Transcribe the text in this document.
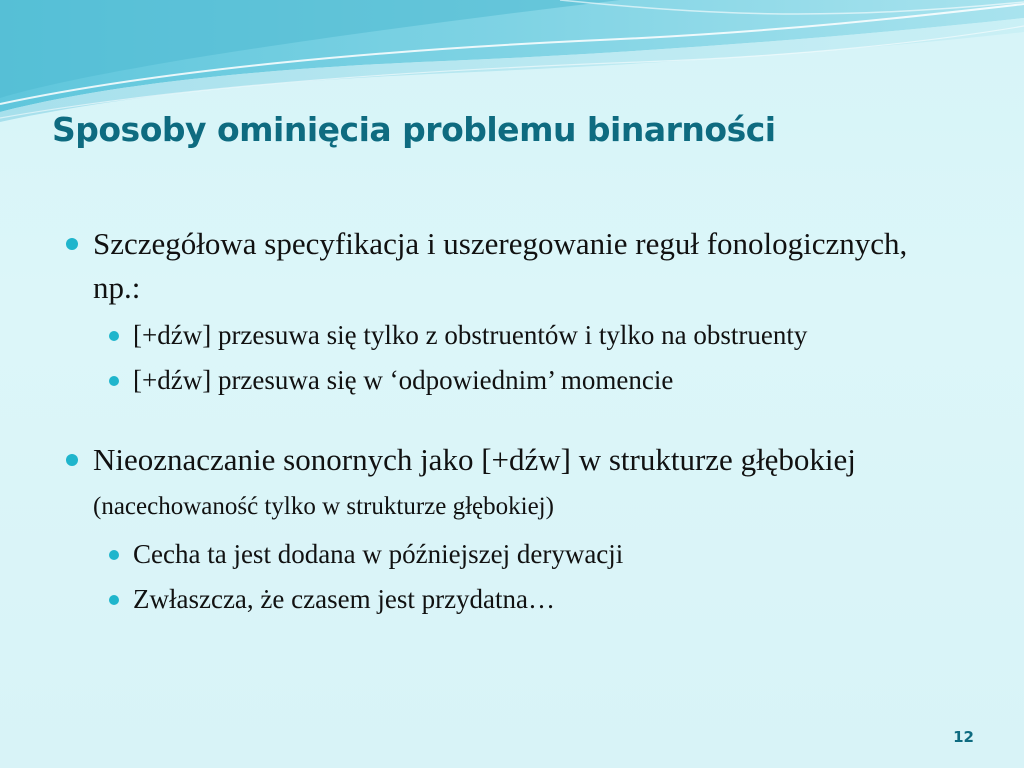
Sposoby ominięcia problemu binarności
Szczegółowa specyfikacja i uszeregowanie reguł fonologicznych, np.:
[+dźw] przesuwa się tylko z obstruentów i tylko na obstruenty
[+dźw] przesuwa się w ‘odpowiednim’ momencie
Nieoznaczanie sonornych jako [+dźw] w strukturze głębokiej (nacechowaność tylko w strukturze głębokiej)
Cecha ta jest dodana w późniejszej derywacji
Zwłaszcza, że czasem jest przydatna…
12
